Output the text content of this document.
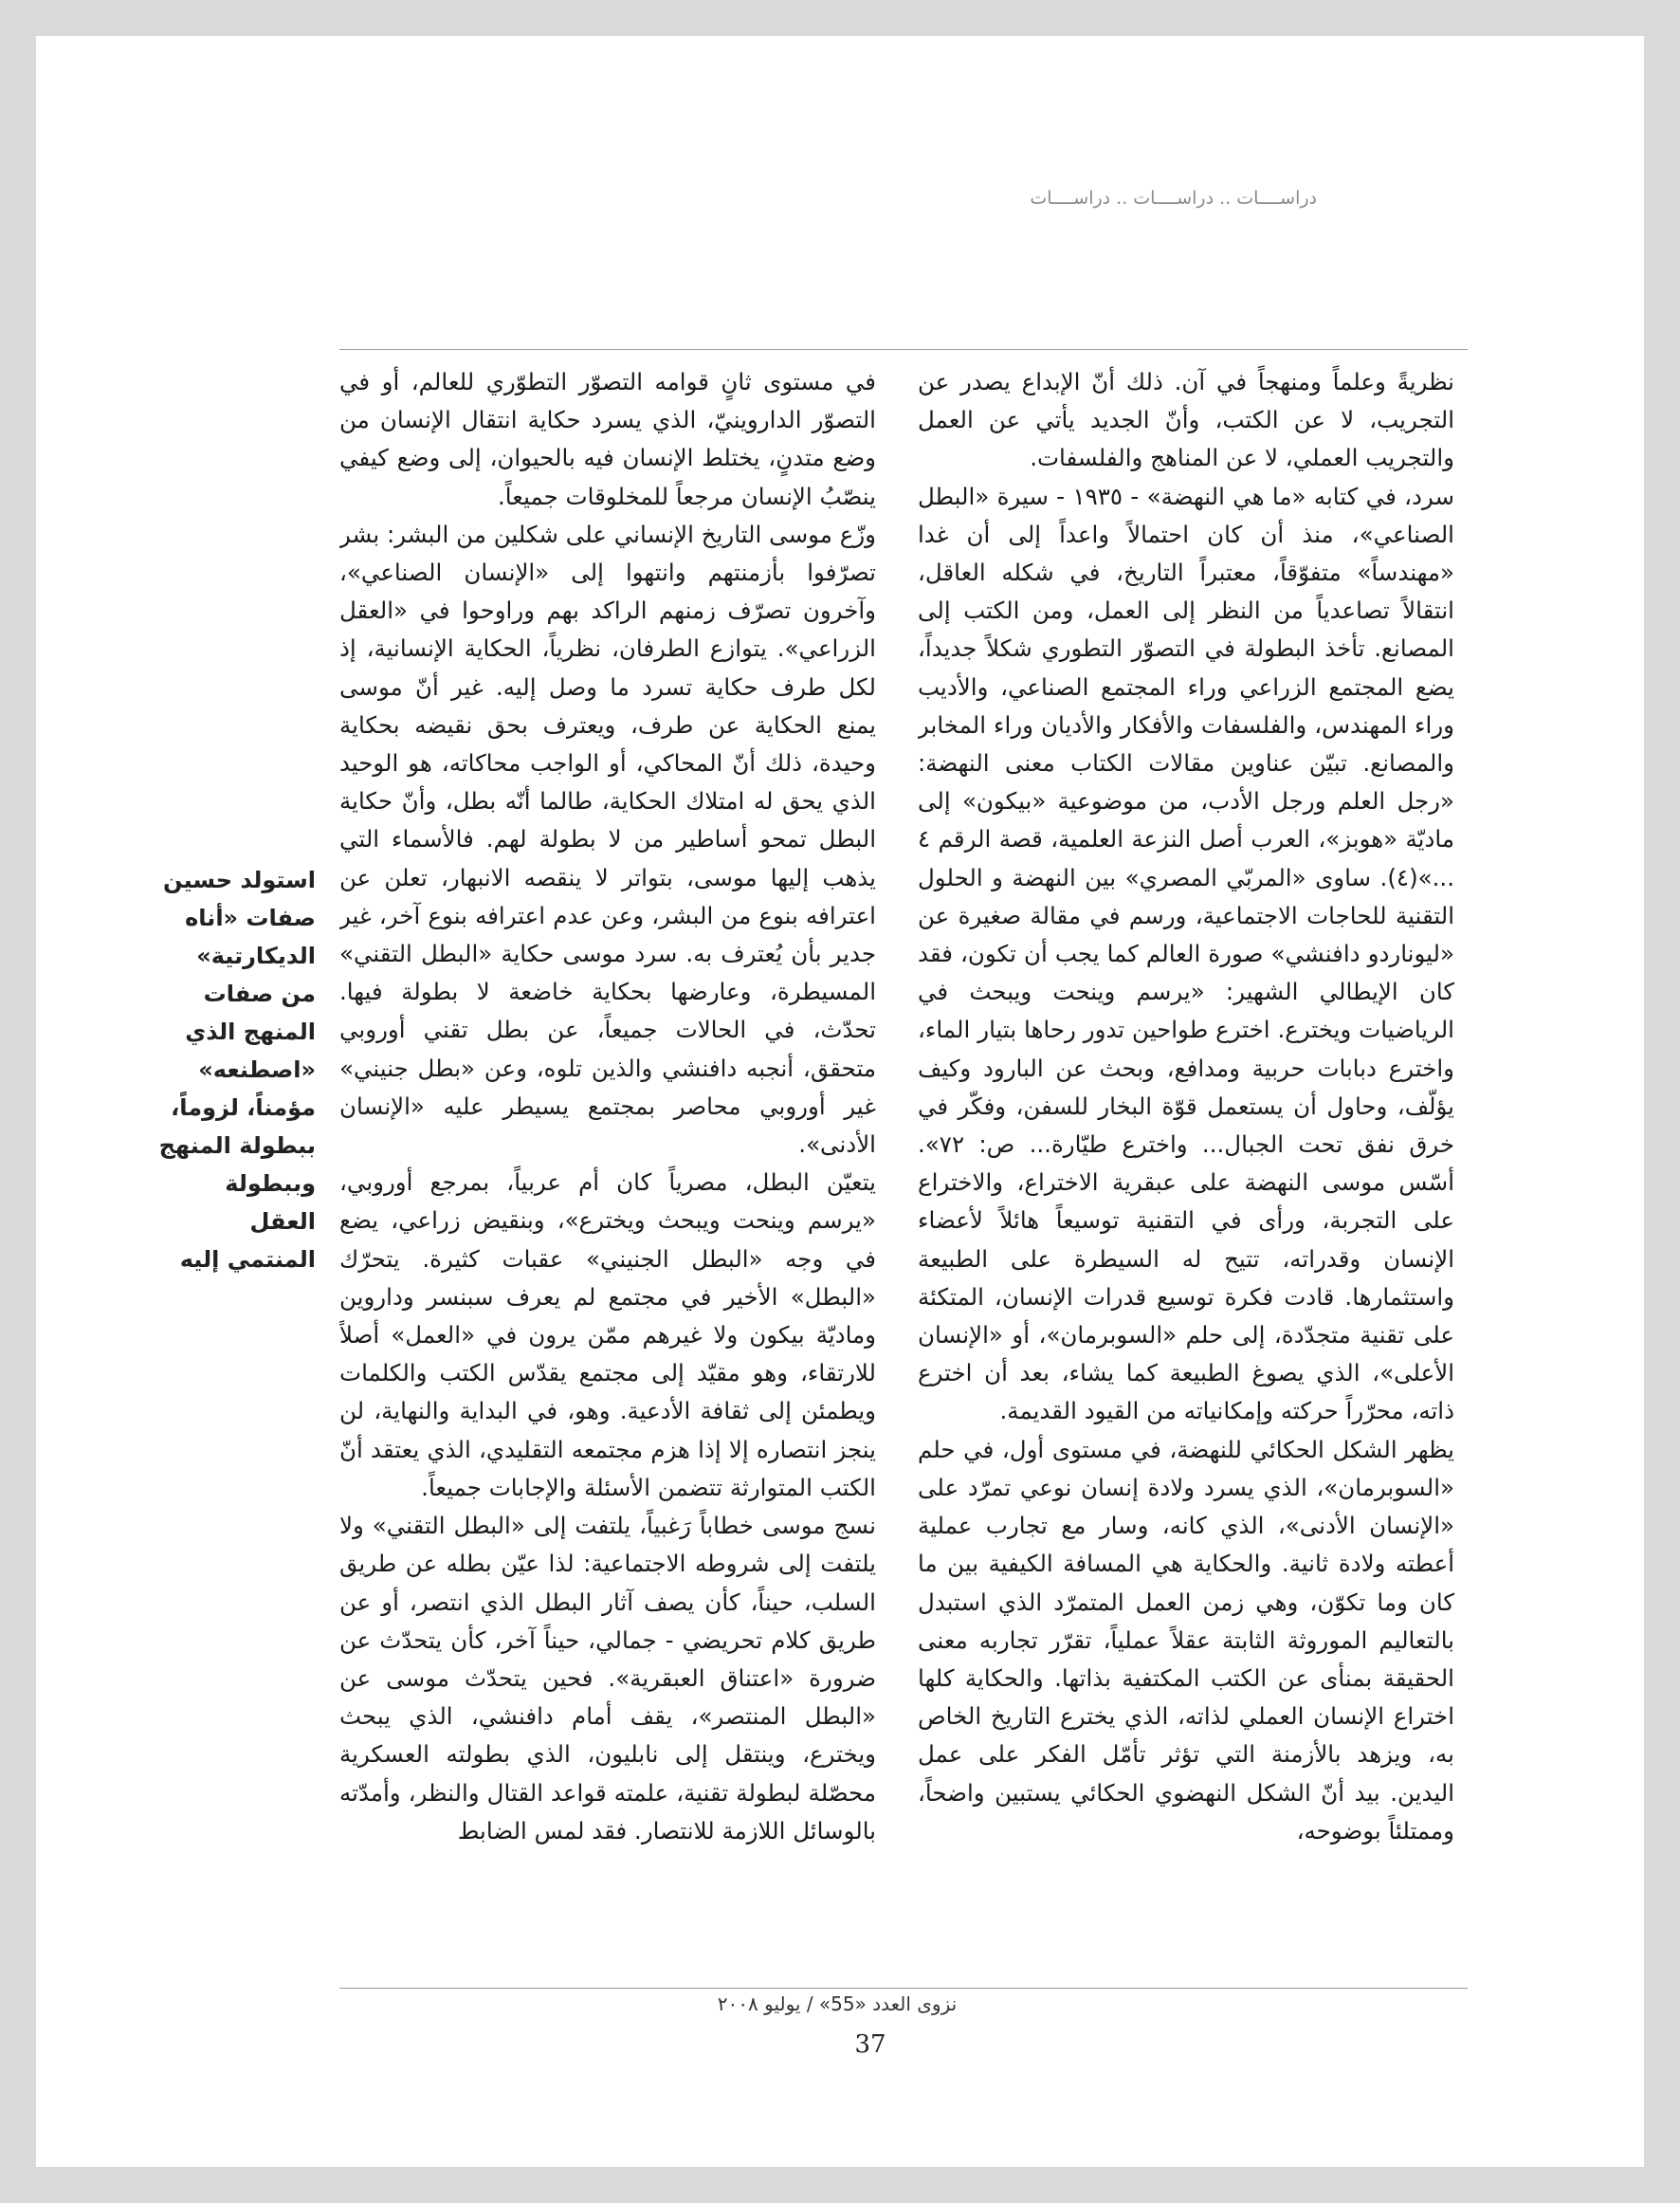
دراســــات .. دراســــات .. دراســــات

نظريةً وعلماً ومنهجاً في آن. ذلك أنّ الإبداع يصدر عن التجريب، لا عن الكتب، وأنّ الجديد يأتي عن العمل والتجريب العملي، لا عن المناهج والفلسفات.

سرد، في كتابه «ما هي النهضة» - ١٩٣٥ - سيرة «البطل الصناعي»، منذ أن كان احتمالاً واعداً إلى أن غدا «مهندساً» متفوّقاً، معتبراً التاريخ، في شكله العاقل، انتقالاً تصاعدياً من النظر إلى العمل، ومن الكتب إلى المصانع. تأخذ البطولة في التصوّر التطوري شكلاً جديداً، يضع المجتمع الزراعي وراء المجتمع الصناعي، والأديب وراء المهندس، والفلسفات والأفكار والأديان وراء المخابر والمصانع. تبيّن عناوين مقالات الكتاب معنى النهضة: «رجل العلم ورجل الأدب، من موضوعية «بيكون» إلى ماديّة «هوبز»، العرب أصل النزعة العلمية، قصة الرقم ٤ ...»(٤). ساوى «المربّي المصري» بين النهضة و الحلول التقنية للحاجات الاجتماعية، ورسم في مقالة صغيرة عن «ليوناردو دافنشي» صورة العالم كما يجب أن تكون، فقد كان الإيطالي الشهير: «يرسم وينحت ويبحث في الرياضيات ويخترع. اخترع طواحين تدور رحاها بتيار الماء، واخترع دبابات حربية ومدافع، وبحث عن البارود وكيف يؤلّف، وحاول أن يستعمل قوّة البخار للسفن، وفكّر في خرق نفق تحت الجبال... واخترع طيّارة... ص: ٧٢». أسّس موسى النهضة على عبقرية الاختراع، والاختراع على التجربة، ورأى في التقنية توسيعاً هائلاً لأعضاء الإنسان وقدراته، تتيح له السيطرة على الطبيعة واستثمارها. قادت فكرة توسيع قدرات الإنسان، المتكئة على تقنية متجدّدة، إلى حلم «السوبرمان»، أو «الإنسان الأعلى»، الذي يصوغ الطبيعة كما يشاء، بعد أن اخترع ذاته، محرّراً حركته وإمكانياته من القيود القديمة.

يظهر الشكل الحكائي للنهضة، في مستوى أول، في حلم «السوبرمان»، الذي يسرد ولادة إنسان نوعي تمرّد على «الإنسان الأدنى»، الذي كانه، وسار مع تجارب عملية أعطته ولادة ثانية. والحكاية هي المسافة الكيفية بين ما كان وما تكوّن، وهي زمن العمل المتمرّد الذي استبدل بالتعاليم الموروثة الثابتة عقلاً عملياً، تقرّر تجاربه معنى الحقيقة بمنأى عن الكتب المكتفية بذاتها. والحكاية كلها اختراع الإنسان العملي لذاته، الذي يخترع التاريخ الخاص به، ويزهد بالأزمنة التي تؤثر تأمّل الفكر على عمل اليدين. بيد أنّ الشكل النهضوي الحكائي يستبين واضحاً، وممتلئاً بوضوحه،

في مستوى ثانٍ قوامه التصوّر التطوّري للعالم، أو في التصوّر الداروينيّ، الذي يسرد حكاية انتقال الإنسان من وضع متدنٍ، يختلط الإنسان فيه بالحيوان، إلى وضع كيفي ينصّبُ الإنسان مرجعاً للمخلوقات جميعاً.

وزّع موسى التاريخ الإنساني على شكلين من البشر: بشر تصرّفوا بأزمنتهم وانتهوا إلى «الإنسان الصناعي»، وآخرون تصرّف زمنهم الراكد بهم وراوحوا في «العقل الزراعي». يتوازع الطرفان، نظرياً، الحكاية الإنسانية، إذ لكل طرف حكاية تسرد ما وصل إليه. غير أنّ موسى يمنع الحكاية عن طرف، ويعترف بحق نقيضه بحكاية وحيدة، ذلك أنّ المحاكي، أو الواجب محاكاته، هو الوحيد الذي يحق له امتلاك الحكاية، طالما أنّه بطل، وأنّ حكاية البطل تمحو أساطير من لا بطولة لهم. فالأسماء التي يذهب إليها موسى، بتواتر لا ينقصه الانبهار، تعلن عن اعترافه بنوع من البشر، وعن عدم اعترافه بنوع آخر، غير جدير بأن يُعترف به. سرد موسى حكاية «البطل التقني» المسيطرة، وعارضها بحكاية خاضعة لا بطولة فيها. تحدّث، في الحالات جميعاً، عن بطل تقني أوروبي متحقق، أنجبه دافنشي والذين تلوه، وعن «بطل جنيني» غير أوروبي محاصر بمجتمع يسيطر عليه «الإنسان الأدنى».

يتعيّن البطل، مصرياً كان أم عربياً، بمرجع أوروبي، «يرسم وينحت ويبحث ويخترع»، وبنقيض زراعي، يضع في وجه «البطل الجنيني» عقبات كثيرة. يتحرّك «البطل» الأخير في مجتمع لم يعرف سبنسر وداروين وماديّة بيكون ولا غيرهم ممّن يرون في «العمل» أصلاً للارتقاء، وهو مقيّد إلى مجتمع يقدّس الكتب والكلمات ويطمئن إلى ثقافة الأدعية. وهو، في البداية والنهاية، لن ينجز انتصاره إلا إذا هزم مجتمعه التقليدي، الذي يعتقد أنّ الكتب المتوارثة تتضمن الأسئلة والإجابات جميعاً.

نسج موسى خطاباً رَغبياً، يلتفت إلى «البطل التقني» ولا يلتفت إلى شروطه الاجتماعية: لذا عيّن بطله عن طريق السلب، حيناً، كأن يصف آثار البطل الذي انتصر، أو عن طريق كلام تحريضي - جمالي، حيناً آخر، كأن يتحدّث عن ضرورة «اعتناق العبقرية». فحين يتحدّث موسى عن «البطل المنتصر»، يقف أمام دافنشي، الذي يبحث ويخترع، وينتقل إلى نابليون، الذي بطولته العسكرية محصّلة لبطولة تقنية، علمته قواعد القتال والنظر، وأمدّته بالوسائل اللازمة للانتصار. فقد لمس الضابط

استولد حسين صفات «أناه الديكارتية» من صفات المنهج الذي «اصطنعه» مؤمناً، لزوماً، ببطولة المنهج وببطولة العقل المنتمي إليه
نزوى العدد «55» / يوليو ٢٠٠٨
37
